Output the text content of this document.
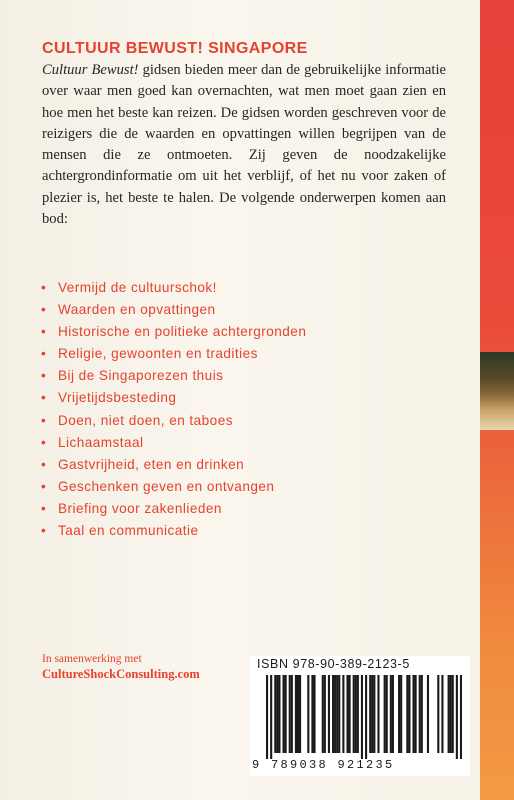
CULTUUR BEWUST! SINGAPORE

Cultuur Bewust! gidsen bieden meer dan de gebruikelijke informatie over waar men goed kan overnachten, wat men moet gaan zien en hoe men het beste kan reizen. De gidsen worden geschreven voor de reizigers die de waarden en opvattingen willen begrijpen van de mensen die ze ontmoeten. Zij geven de noodzakelijke achtergrondinformatie om uit het verblijf, of het nu voor zaken of plezier is, het beste te halen. De volgende onderwerpen komen aan bod:

• Vermijd de cultuurschok!
• Waarden en opvattingen
• Historische en politieke achtergronden
• Religie, gewoonten en tradities
• Bij de Singaporezen thuis
• Vrijetijdsbesteding
• Doen, niet doen, en taboes
• Lichaamstaal
• Gastvrijheid, eten en drinken
• Geschenken geven en ontvangen
• Briefing voor zakenlieden
• Taal en communicatie

In samenwerking met

CultureShockConsulting.com

ISBN 978-90-389-2123-5

9 789038 921235
